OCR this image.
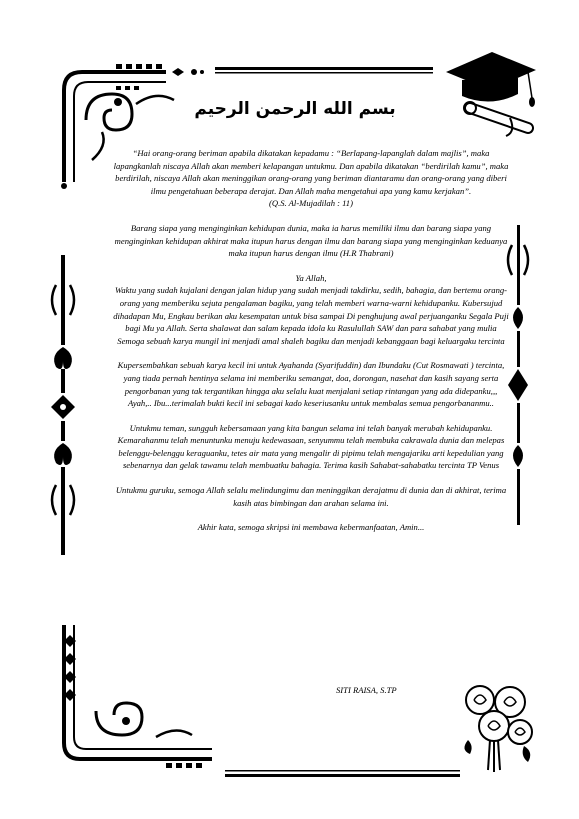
بسم الله الرحمن الرحيم

“Hai orang-orang beriman apabila dikatakan kepadamu : “Berlapang-lapanglah dalam majlis”, maka lapangkanlah niscaya Allah akan memberi kelapangan untukmu. Dan apabila dikatakan “berdirilah kamu”, maka berdirilah, niscaya Allah akan meninggikan orang-orang yang beriman diantaramu dan orang-orang yang diberi ilmu pengetahuan beberapa derajat. Dan Allah maha mengetahui apa yang kamu kerjakan”.

(Q.S. Al-Mujadilah : 11)

Barang siapa yang menginginkan kehidupan dunia, maka ia harus memiliki ilmu dan barang siapa yang menginginkan kehidupan akhirat maka itupun harus dengan ilmu dan barang siapa yang menginginkan keduanya maka itupun harus dengan ilmu (H.R Thabrani)

Ya Allah,

Waktu yang sudah kujalani dengan jalan hidup yang sudah menjadi takdirku, sedih, bahagia, dan bertemu orang-orang yang memberiku sejuta pengalaman bagiku, yang telah memberi warna-warni kehidupanku. Kubersujud dihadapan Mu, Engkau berikan aku kesempatan untuk bisa sampai Di penghujung awal perjuanganku Segala Puji bagi Mu ya Allah. Serta shalawat dan salam kepada idola ku Rasulullah SAW dan para sahabat yang mulia Semoga sebuah karya mungil ini menjadi amal shaleh bagiku dan menjadi kebanggaan bagi keluargaku tercinta

Kupersembahkan sebuah karya kecil ini untuk Ayahanda (Syarifuddin) dan Ibundaku (Cut Rosmawati ) tercinta, yang tiada pernah hentinya selama ini memberiku semangat, doa, dorongan, nasehat dan kasih sayang serta pengorbanan yang tak tergantikan hingga aku selalu kuat menjalani setiap rintangan yang ada didepanku,,, Ayah,.. Ibu...terimalah bukti kecil ini sebagai kado keseriusanku untuk membalas semua pengorbananmu..

Untukmu teman, sungguh kebersamaan yang kita bangun selama ini telah banyak merubah kehidupanku. Kemarahanmu telah menuntunku menuju kedewasaan, senyummu telah membuka cakrawala dunia dan melepas belenggu-belenggu keraguanku, tetes air mata yang mengalir di pipimu telah mengajariku arti kepedulian yang sebenarnya dan gelak tawamu telah membuatku bahagia. Terima kasih Sahabat-sahabatku tercinta TP Venus

Untukmu guruku, semoga Allah selalu melindungimu dan meninggikan derajatmu di dunia dan di akhirat, terima kasih atas bimbingan dan arahan selama ini.

Akhir kata, semoga skripsi ini membawa kebermanfaatan, Amin...

SITI RAISA, S.TP
